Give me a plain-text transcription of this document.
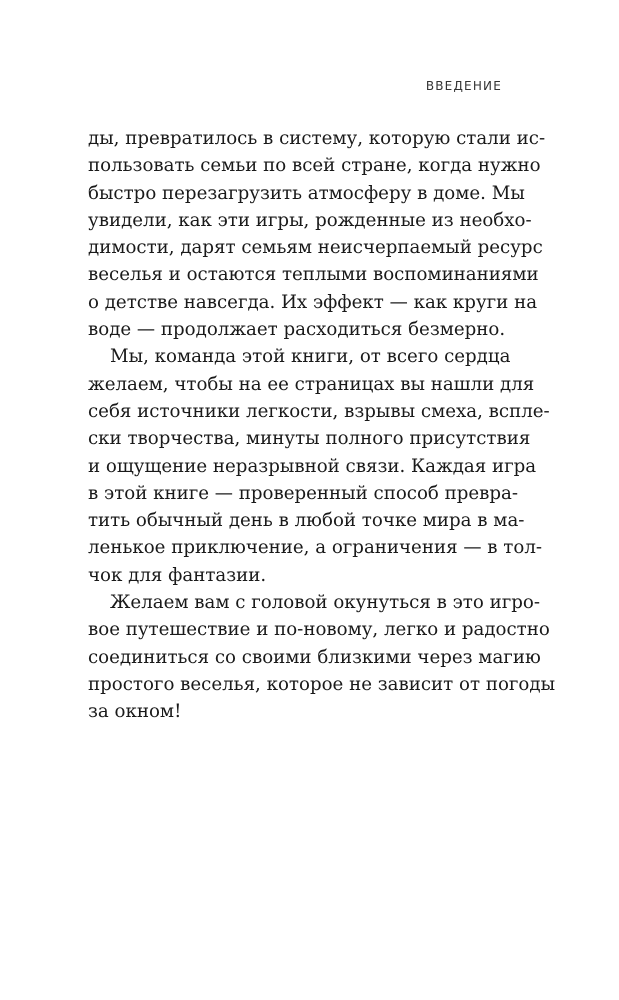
ВВЕДЕНИЕ
ды, превратилось в систему, которую стали ис-
пользовать семьи по всей стране, когда нужно
быстро перезагрузить атмосферу в доме. Мы
увидели, как эти игры, рожденные из необхо-
димости, дарят семьям неисчерпаемый ресурс
веселья и остаются теплыми воспоминаниями
о детстве навсегда. Их эффект — как круги на
воде — продолжает расходиться безмерно.
Мы, команда этой книги, от всего сердца
желаем, чтобы на ее страницах вы нашли для
себя источники легкости, взрывы смеха, вспле-
ски творчества, минуты полного присутствия
и ощущение неразрывной связи. Каждая игра
в этой книге — проверенный способ превра-
тить обычный день в любой точке мира в ма-
ленькое приключение, а ограничения — в тол-
чок для фантазии.
Желаем вам с головой окунуться в это игро-
вое путешествие и по-новому, легко и радостно
соединиться со своими близкими через магию
простого веселья, которое не зависит от погоды
за окном!
